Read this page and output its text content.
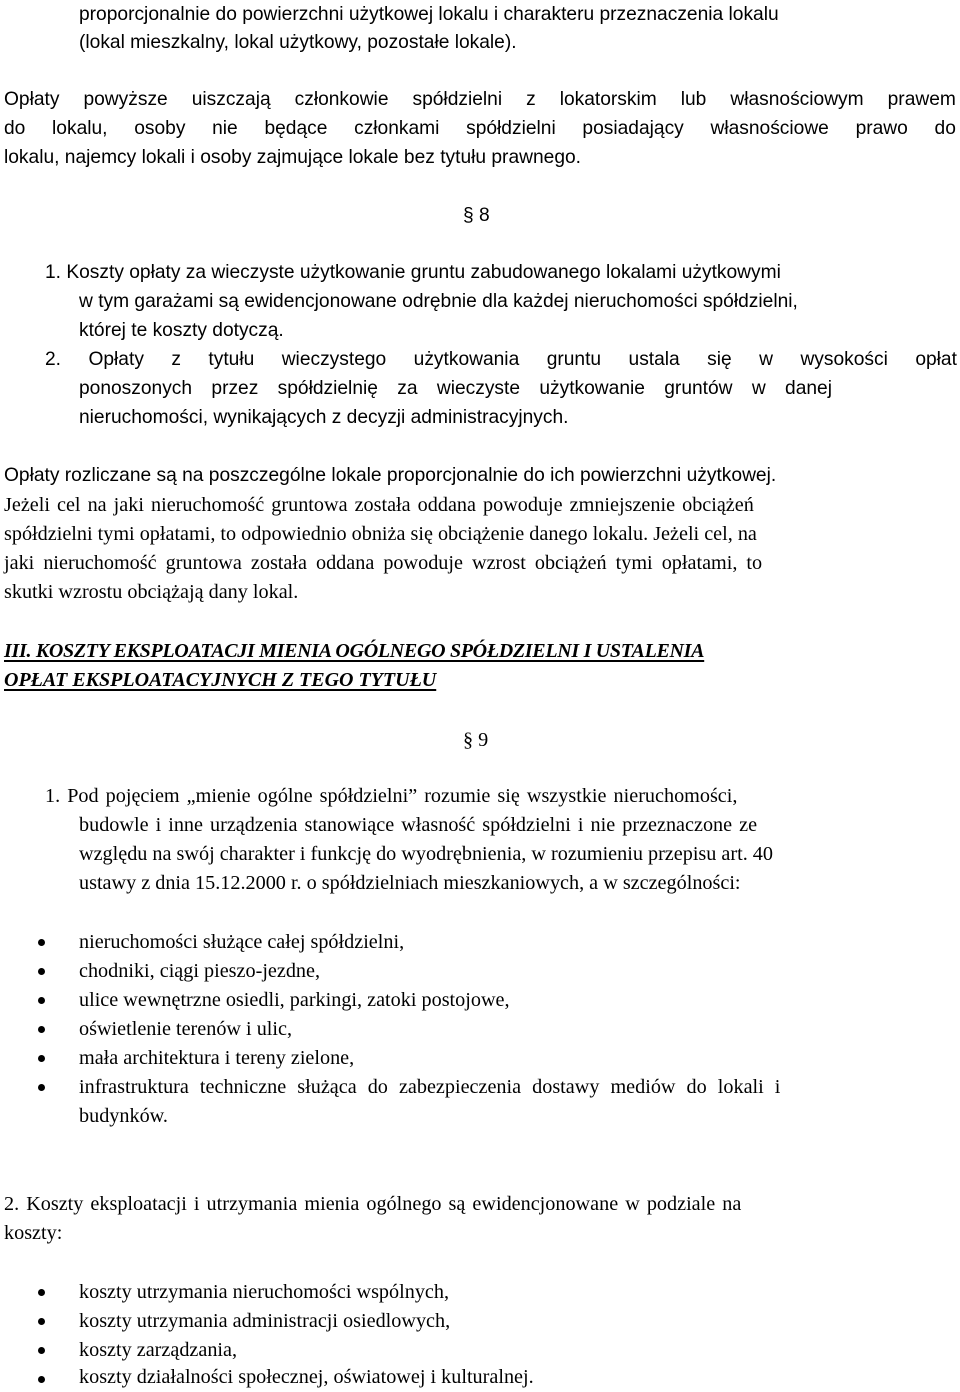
proporcjonalnie do powierzchni użytkowej lokalu i charakteru przeznaczenia lokalu
(lokal mieszkalny, lokal użytkowy, pozostałe lokale).
Opłaty powyższe uiszczają członkowie spółdzielni z lokatorskim lub własnościowym prawem
do lokalu, osoby nie będące członkami spółdzielni posiadający własnościowe prawo do
lokalu, najemcy lokali i osoby zajmujące lokale bez tytułu prawnego.
§ 8
1. Koszty opłaty za wieczyste użytkowanie gruntu zabudowanego lokalami użytkowymi
w tym garażami są ewidencjonowane odrębnie dla każdej nieruchomości spółdzielni,
której te koszty dotyczą.
2. Opłaty z tytułu wieczystego użytkowania gruntu ustala się w wysokości opłat
ponoszonych przez spółdzielnię za wieczyste użytkowanie gruntów w danej
nieruchomości, wynikających z decyzji administracyjnych.
Opłaty rozliczane są na poszczególne lokale proporcjonalnie do ich powierzchni użytkowej.
Jeżeli cel na jaki nieruchomość gruntowa została oddana powoduje zmniejszenie obciążeń
spółdzielni tymi opłatami, to odpowiednio obniża się obciążenie danego lokalu. Jeżeli cel, na
jaki nieruchomość gruntowa została oddana powoduje wzrost obciążeń tymi opłatami, to
skutki wzrostu obciążają dany lokal.
III. KOSZTY EKSPLOATACJI MIENIA OGÓLNEGO SPÓŁDZIELNI I USTALENIA
OPŁAT EKSPLOATACYJNYCH Z TEGO TYTUŁU
§ 9
1. Pod pojęciem „mienie ogólne spółdzielni” rozumie się wszystkie nieruchomości,
budowle i inne urządzenia stanowiące własność spółdzielni i nie przeznaczone ze
względu na swój charakter i funkcję do wyodrębnienia, w rozumieniu przepisu art. 40
ustawy z dnia 15.12.2000 r. o spółdzielniach mieszkaniowych, a w szczególności:
nieruchomości służące całej spółdzielni,
chodniki, ciągi pieszo-jezdne,
ulice wewnętrzne osiedli, parkingi, zatoki postojowe,
oświetlenie terenów i ulic,
mała architektura i tereny zielone,
infrastruktura techniczne służąca do zabezpieczenia dostawy mediów do lokali i
budynków.
2. Koszty eksploatacji i utrzymania mienia ogólnego są ewidencjonowane w podziale na
koszty:
koszty utrzymania nieruchomości wspólnych,
koszty utrzymania administracji osiedlowych,
koszty zarządzania,
koszty działalności społecznej, oświatowej i kulturalnej.
